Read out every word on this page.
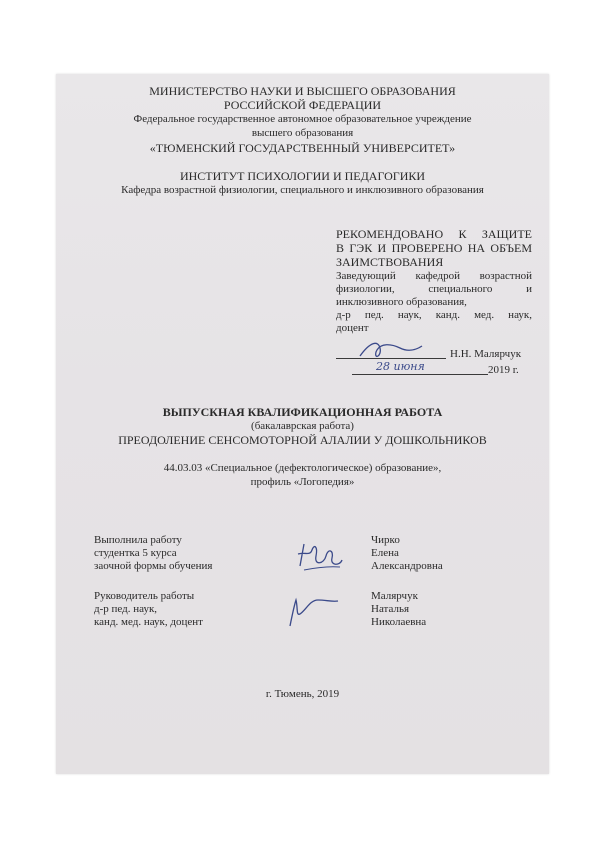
МИНИСТЕРСТВО НАУКИ И ВЫСШЕГО ОБРАЗОВАНИЯ
РОССИЙСКОЙ ФЕДЕРАЦИИ
Федеральное государственное автономное образовательное учреждение
высшего образования
«ТЮМЕНСКИЙ ГОСУДАРСТВЕННЫЙ УНИВЕРСИТЕТ»
ИНСТИТУТ ПСИХОЛОГИИ И ПЕДАГОГИКИ
Кафедра возрастной физиологии, специального и инклюзивного образования
РЕКОМЕНДОВАНО К ЗАЩИТЕ
В ГЭК И ПРОВЕРЕНО НА ОБЪЕМ
ЗАИМСТВОВАНИЯ
Заведующий кафедрой возрастной
физиологии, специального и
инклюзивного образования,
д-р пед. наук, канд. мед. наук,
доцент
Н.Н. Малярчук
28 июня	2019 г.
ВЫПУСКНАЯ КВАЛИФИКАЦИОННАЯ РАБОТА
(бакалаврская работа)
ПРЕОДОЛЕНИЕ СЕНСОМОТОРНОЙ АЛАЛИИ У ДОШКОЛЬНИКОВ
44.03.03 «Специальное (дефектологическое) образование»,
профиль «Логопедия»
Выполнила работу
студентка 5 курса
заочной формы обучения
Чирко
Елена
Александровна
Руководитель работы
д-р пед. наук,
канд. мед. наук, доцент
Малярчук
Наталья
Николаевна
г. Тюмень, 2019
